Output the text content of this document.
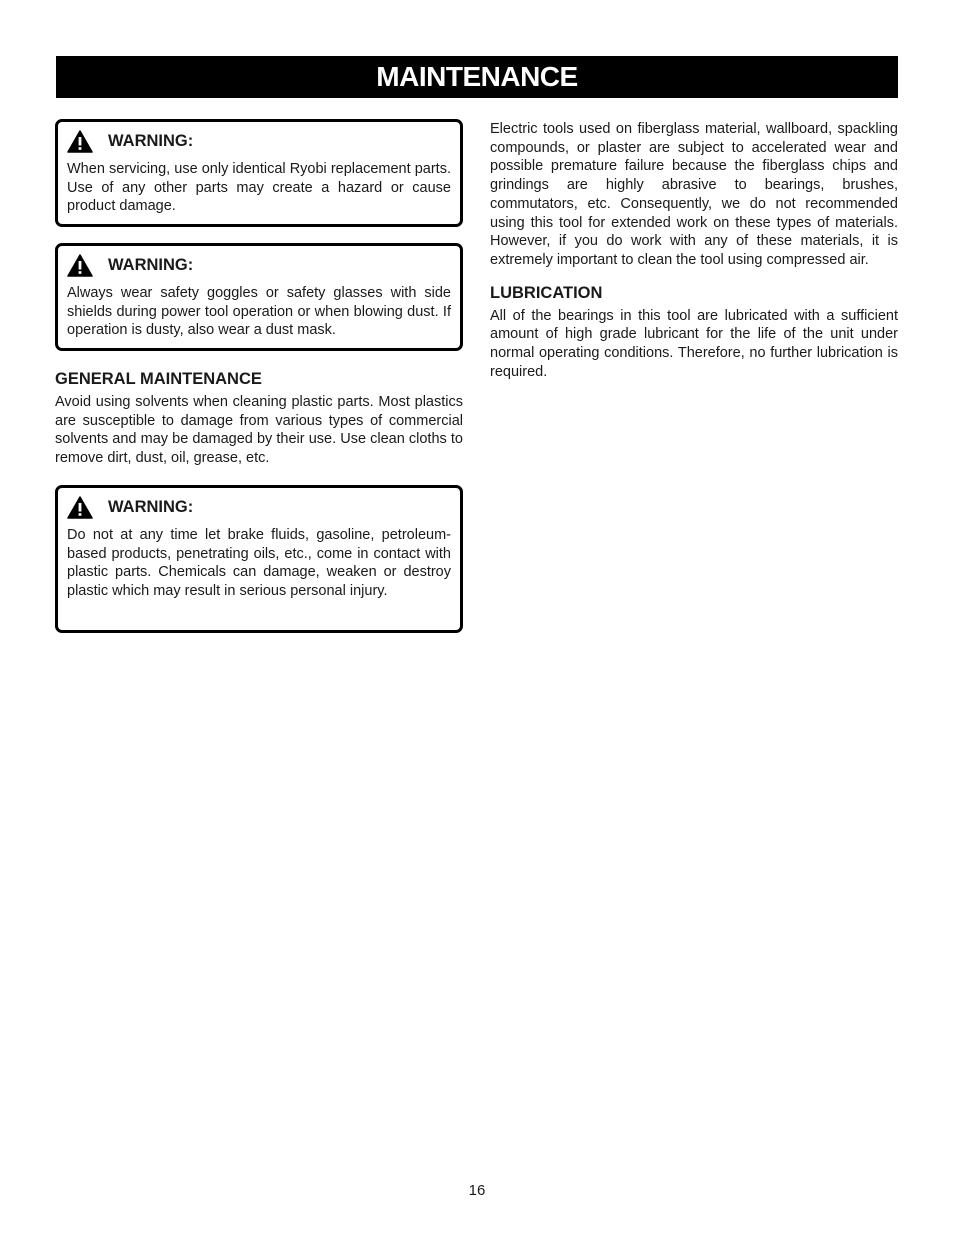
MAINTENANCE
WARNING:

When servicing, use only identical Ryobi replacement parts. Use of any other parts may create a hazard or cause product damage.

WARNING:

Always wear safety goggles or safety glasses with side shields during power tool operation or when blowing dust. If operation is dusty, also wear a dust mask.

GENERAL MAINTENANCE

Avoid using solvents when cleaning plastic parts. Most plastics are susceptible to damage from various types of commercial solvents and may be damaged by their use. Use clean cloths to remove dirt, dust, oil, grease, etc.

WARNING:

Do not at any time let brake fluids, gasoline, petroleum-based products, penetrating oils, etc., come in contact with plastic parts. Chemicals can damage, weaken or destroy plastic which may result in serious personal injury.

Electric tools used on fiberglass material, wallboard, spackling compounds, or plaster are subject to accelerated wear and possible premature failure because the fiberglass chips and grindings are highly abrasive to bearings, brushes, commutators, etc. Consequently, we do not recommended using this tool for extended work on these types of materials. However, if you do work with any of these materials, it is extremely important to clean the tool using compressed air.

LUBRICATION

All of the bearings in this tool are lubricated with a sufficient amount of high grade lubricant for the life of the unit under normal operating conditions. Therefore, no further lubrication is required.

16
